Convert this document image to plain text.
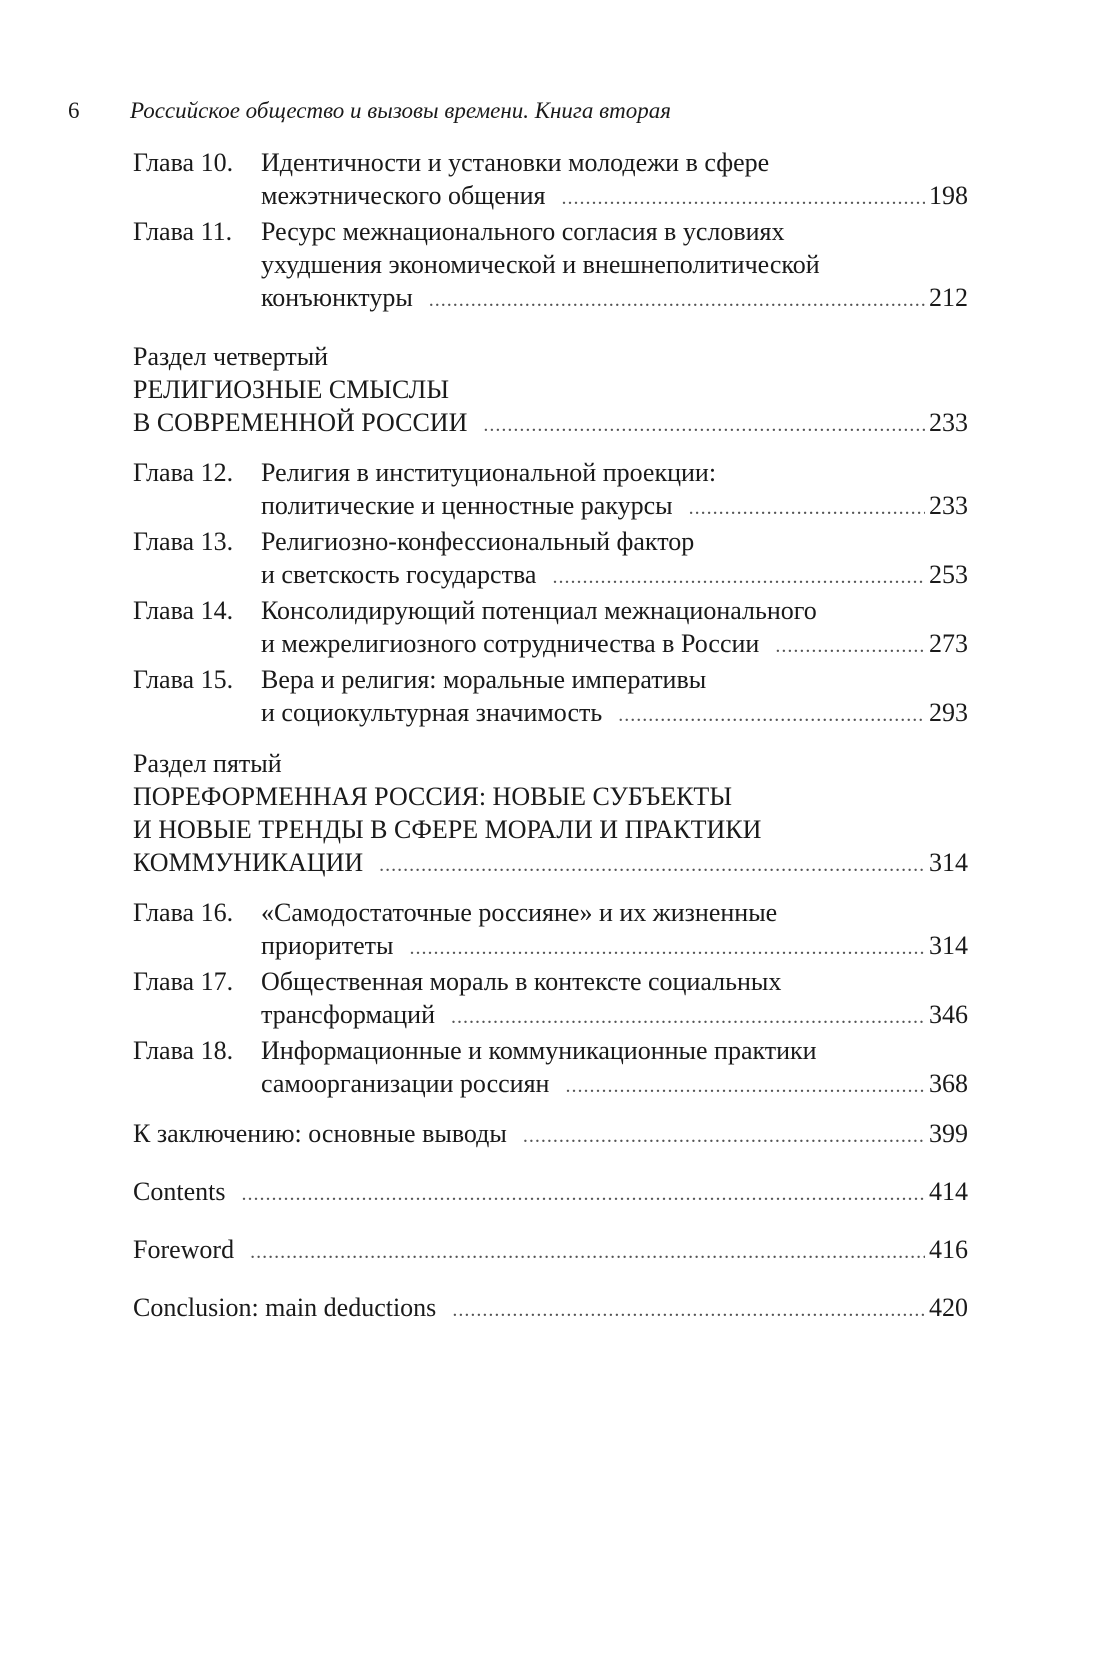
6 Российское общество и вызовы времени. Книга вторая
Глава 10.	Идентичности и установки молодежи в сфере
межэтнического общения .....	198
Глава 11.	Ресурс межнационального согласия в условиях
ухудшения экономической и внешнеполитической
конъюнктуры .....	212
Раздел четвертый
РЕЛИГИОЗНЫЕ СМЫСЛЫ
В СОВРЕМЕННОЙ РОССИИ .....	233
Глава 12.	Религия в институциональной проекции:
политические и ценностные ракурсы .....	233
Глава 13.	Религиозно-конфессиональный фактор
и светскость государства .....	253
Глава 14.	Консолидирующий потенциал межнационального
и межрелигиозного сотрудничества в России .....	273
Глава 15.	Вера и религия: моральные императивы
и социокультурная значимость .....	293
Раздел пятый
ПОРЕФОРМЕННАЯ РОССИЯ: НОВЫЕ СУБЪЕКТЫ
И НОВЫЕ ТРЕНДЫ В СФЕРЕ МОРАЛИ И ПРАКТИКИ
КОММУНИКАЦИИ .....	314
Глава 16.	«Самодостаточные россияне» и их жизненные
приоритеты .....	314
Глава 17.	Общественная мораль в контексте социальных
трансформаций .....	346
Глава 18.	Информационные и коммуникационные практики
самоорганизации россиян .....	368
К заключению: основные выводы .....	399
Contents .....	414
Foreword .....	416
Conclusion: main deductions .....	420
